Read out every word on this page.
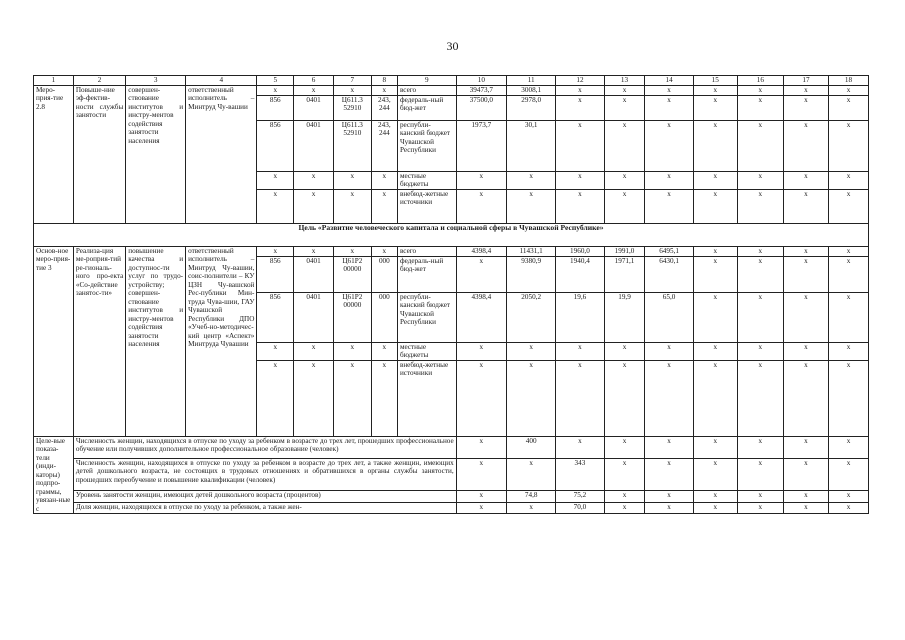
30
1	2	3	4	5	6	7	8	9	10	11	12	13	14	15	16	17	18
Меро-прия-тие 2.8	Повыше-ние эф-фектив-ности службы занятости	совершен-ствование институтов и инстру-ментов содействия занятости населения	ответственный исполнитель – Минтруд Чу-вашии	x	x	x	x	всего	39473,7	3008,1	x	x	x	x	x	x	x
				856	0401	Ц611.3 52910	243, 244	федераль-ный бюд-жет	37500,0	2978,0	x	x	x	x	x	x	x
				856	0401	Ц611.3 52910	243, 244	республи-канский бюджет Чувашской Республики	1973,7	30,1	x	x	x	x	x	x	x
				x	x	x	x	местные бюджеты	x	x	x	x	x	x	x	x	x
				x	x	x	x	внебюд-жетные источники	x	x	x	x	x	x	x	x	x
Цель «Развитие человеческого капитала и социальной сферы в Чувашской Республике»																	
Основ-ное меро-прия-тие 3	Реализа-ция ме-роприя-тий ре-гиональ-ного про-екта «Со-действие занятос-ти»	повышение качества и доступнос-ти услуг по трудо-устройству; совершен-ствование институтов и инстру-ментов содействия занятости населения	ответственный исполнитель – Минтруд Чу-вашии, соис-полнители – КУ ЦЗН Чу-вашской Рес-публики Мин-труда Чува-шии, ГАУ Чувашской Республики ДПО «Учеб-но-методичес-кий центр «Аспект» Минтруда Чувашии	x	x	x	x	всего	4398,4	11431,1	1960,0	1991,0	6495,1	x	x	x	x
				856	0401	Ц61Р2 00000	000	федераль-ный бюд-жет	x	9380,9	1940,4	1971,1	6430,1	x	x	x	x
				856	0401	Ц61Р2 00000	000	республи-канский бюджет Чувашской Республики	4398,4	2050,2	19,6	19,9	65,0	x	x	x	x
				x	x	x	x	местные бюджеты	x	x	x	x	x	x	x	x	x
				x	x	x	x	внебюд-жетные источники	x	x	x	x	x	x	x	x	x
Целе-вые показа-тели (инди-каторы) подпро-граммы, увязан-ные с	Численность женщин, находящихся в отпуске по уходу за ребенком в возрасте до трех лет, прошедших профессиональное обучение или получивших дополнительное профессиональное образование (человек)								x	400	x	x	x	x	x	x	x
	Численность женщин, находящихся в отпуске по уходу за ребенком в возрасте до трех лет, а также женщин, имеющих детей дошкольного возраста, не состоящих в трудовых отношениях и обратившихся в органы службы занятости, прошедших переобучение и повышение квалификации (человек)								x	x	343	x	x	x	x	x	x
	Уровень занятости женщин, имеющих детей дошкольного возраста (процентов)								x	74,8	75,2	x	x	x	x	x	x
	Доля женщин, находящихся в отпуске по уходу за ребенком, а также жен-								x	x	70,0	x	x	x	x	x	x
